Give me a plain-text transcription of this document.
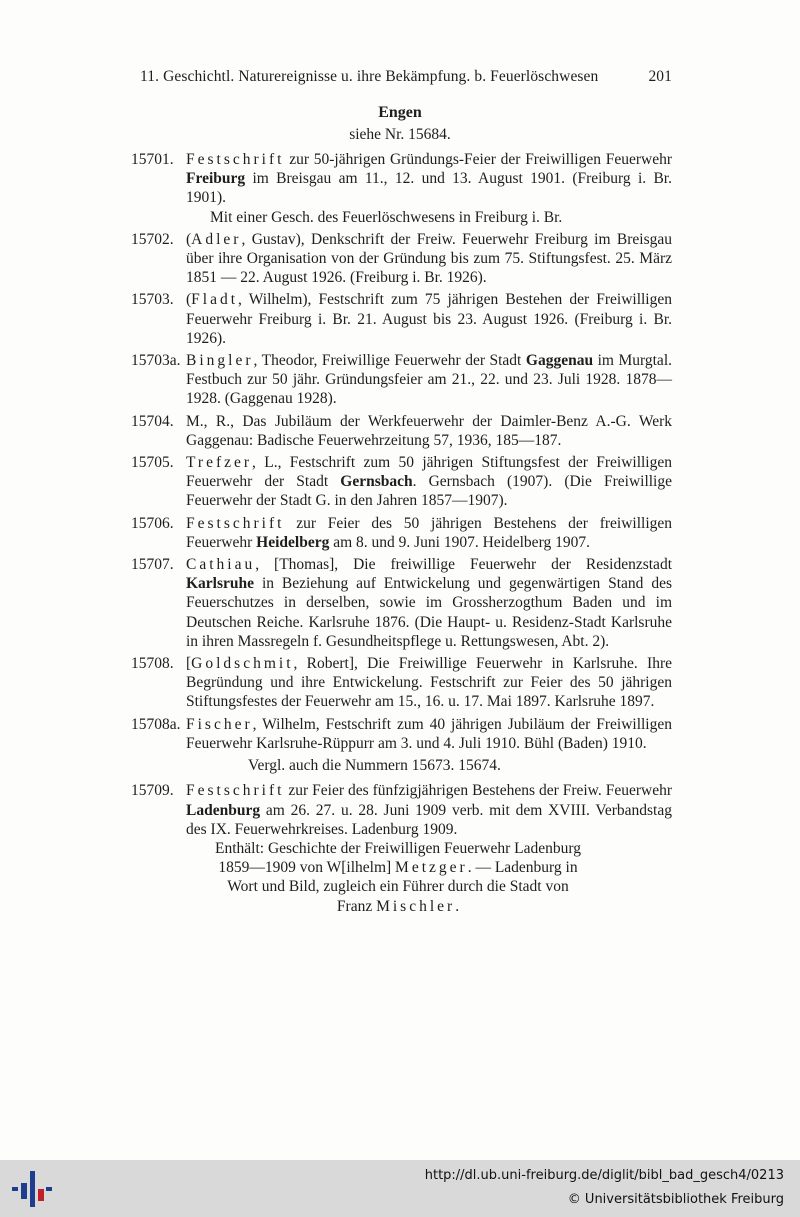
11. Geschichtl. Naturereignisse u. ihre Bekämpfung. b. Feuerlöschwesen	201
Engen
siehe Nr. 15684.
15701. Festschrift zur 50-jährigen Gründungs-Feier der Freiwilligen Feuerwehr Freiburg im Breisgau am 11., 12. und 13. August 1901. (Freiburg i. Br. 1901).
Mit einer Gesch. des Feuerlöschwesens in Freiburg i. Br.
15702. (Adler, Gustav), Denkschrift der Freiw. Feuerwehr Freiburg im Breisgau über ihre Organisation von der Gründung bis zum 75. Stiftungsfest. 25. März 1851 — 22. August 1926. (Freiburg i. Br. 1926).
15703. (Fladt, Wilhelm), Festschrift zum 75 jährigen Bestehen der Freiwilligen Feuerwehr Freiburg i. Br. 21. August bis 23. August 1926. (Freiburg i. Br. 1926).
15703a. Bingler, Theodor, Freiwillige Feuerwehr der Stadt Gaggenau im Murgtal. Festbuch zur 50 jähr. Gründungsfeier am 21., 22. und 23. Juli 1928. 1878—1928. (Gaggenau 1928).
15704. M., R., Das Jubiläum der Werkfeuerwehr der Daimler-Benz A.-G. Werk Gaggenau: Badische Feuerwehrzeitung 57, 1936, 185—187.
15705. Trefzer, L., Festschrift zum 50 jährigen Stiftungsfest der Freiwilligen Feuerwehr der Stadt Gernsbach. Gernsbach (1907). (Die Freiwillige Feuerwehr der Stadt G. in den Jahren 1857—1907).
15706. Festschrift zur Feier des 50 jährigen Bestehens der freiwilligen Feuerwehr Heidelberg am 8. und 9. Juni 1907. Heidelberg 1907.
15707. Cathiau, [Thomas], Die freiwillige Feuerwehr der Residenzstadt Karlsruhe in Beziehung auf Entwickelung und gegenwärtigen Stand des Feuerschutzes in derselben, sowie im Grossherzogthum Baden und im Deutschen Reiche. Karlsruhe 1876. (Die Haupt- u. Residenz-Stadt Karlsruhe in ihren Massregeln f. Gesundheitspflege u. Rettungswesen, Abt. 2).
15708. [Goldschmit, Robert], Die Freiwillige Feuerwehr in Karlsruhe. Ihre Begründung und ihre Entwickelung. Festschrift zur Feier des 50 jährigen Stiftungsfestes der Feuerwehr am 15., 16. u. 17. Mai 1897. Karlsruhe 1897.
15708a. Fischer, Wilhelm, Festschrift zum 40 jährigen Jubiläum der Freiwilligen Feuerwehr Karlsruhe-Rüppurr am 3. und 4. Juli 1910. Bühl (Baden) 1910.
Vergl. auch die Nummern 15673. 15674.
15709. Festschrift zur Feier des fünfzigjährigen Bestehens der Freiw. Feuerwehr Ladenburg am 26. 27. u. 28. Juni 1909 verb. mit dem XVIII. Verbandstag des IX. Feuerwehrkreises. Ladenburg 1909.
Enthält: Geschichte der Freiwilligen Feuerwehr Ladenburg 1859—1909 von W[ilhelm] Metzger. — Ladenburg in Wort und Bild, zugleich ein Führer durch die Stadt von Franz Mischler.
http://dl.ub.uni-freiburg.de/diglit/bibl_bad_gesch4/0213
© Universitätsbibliothek Freiburg
